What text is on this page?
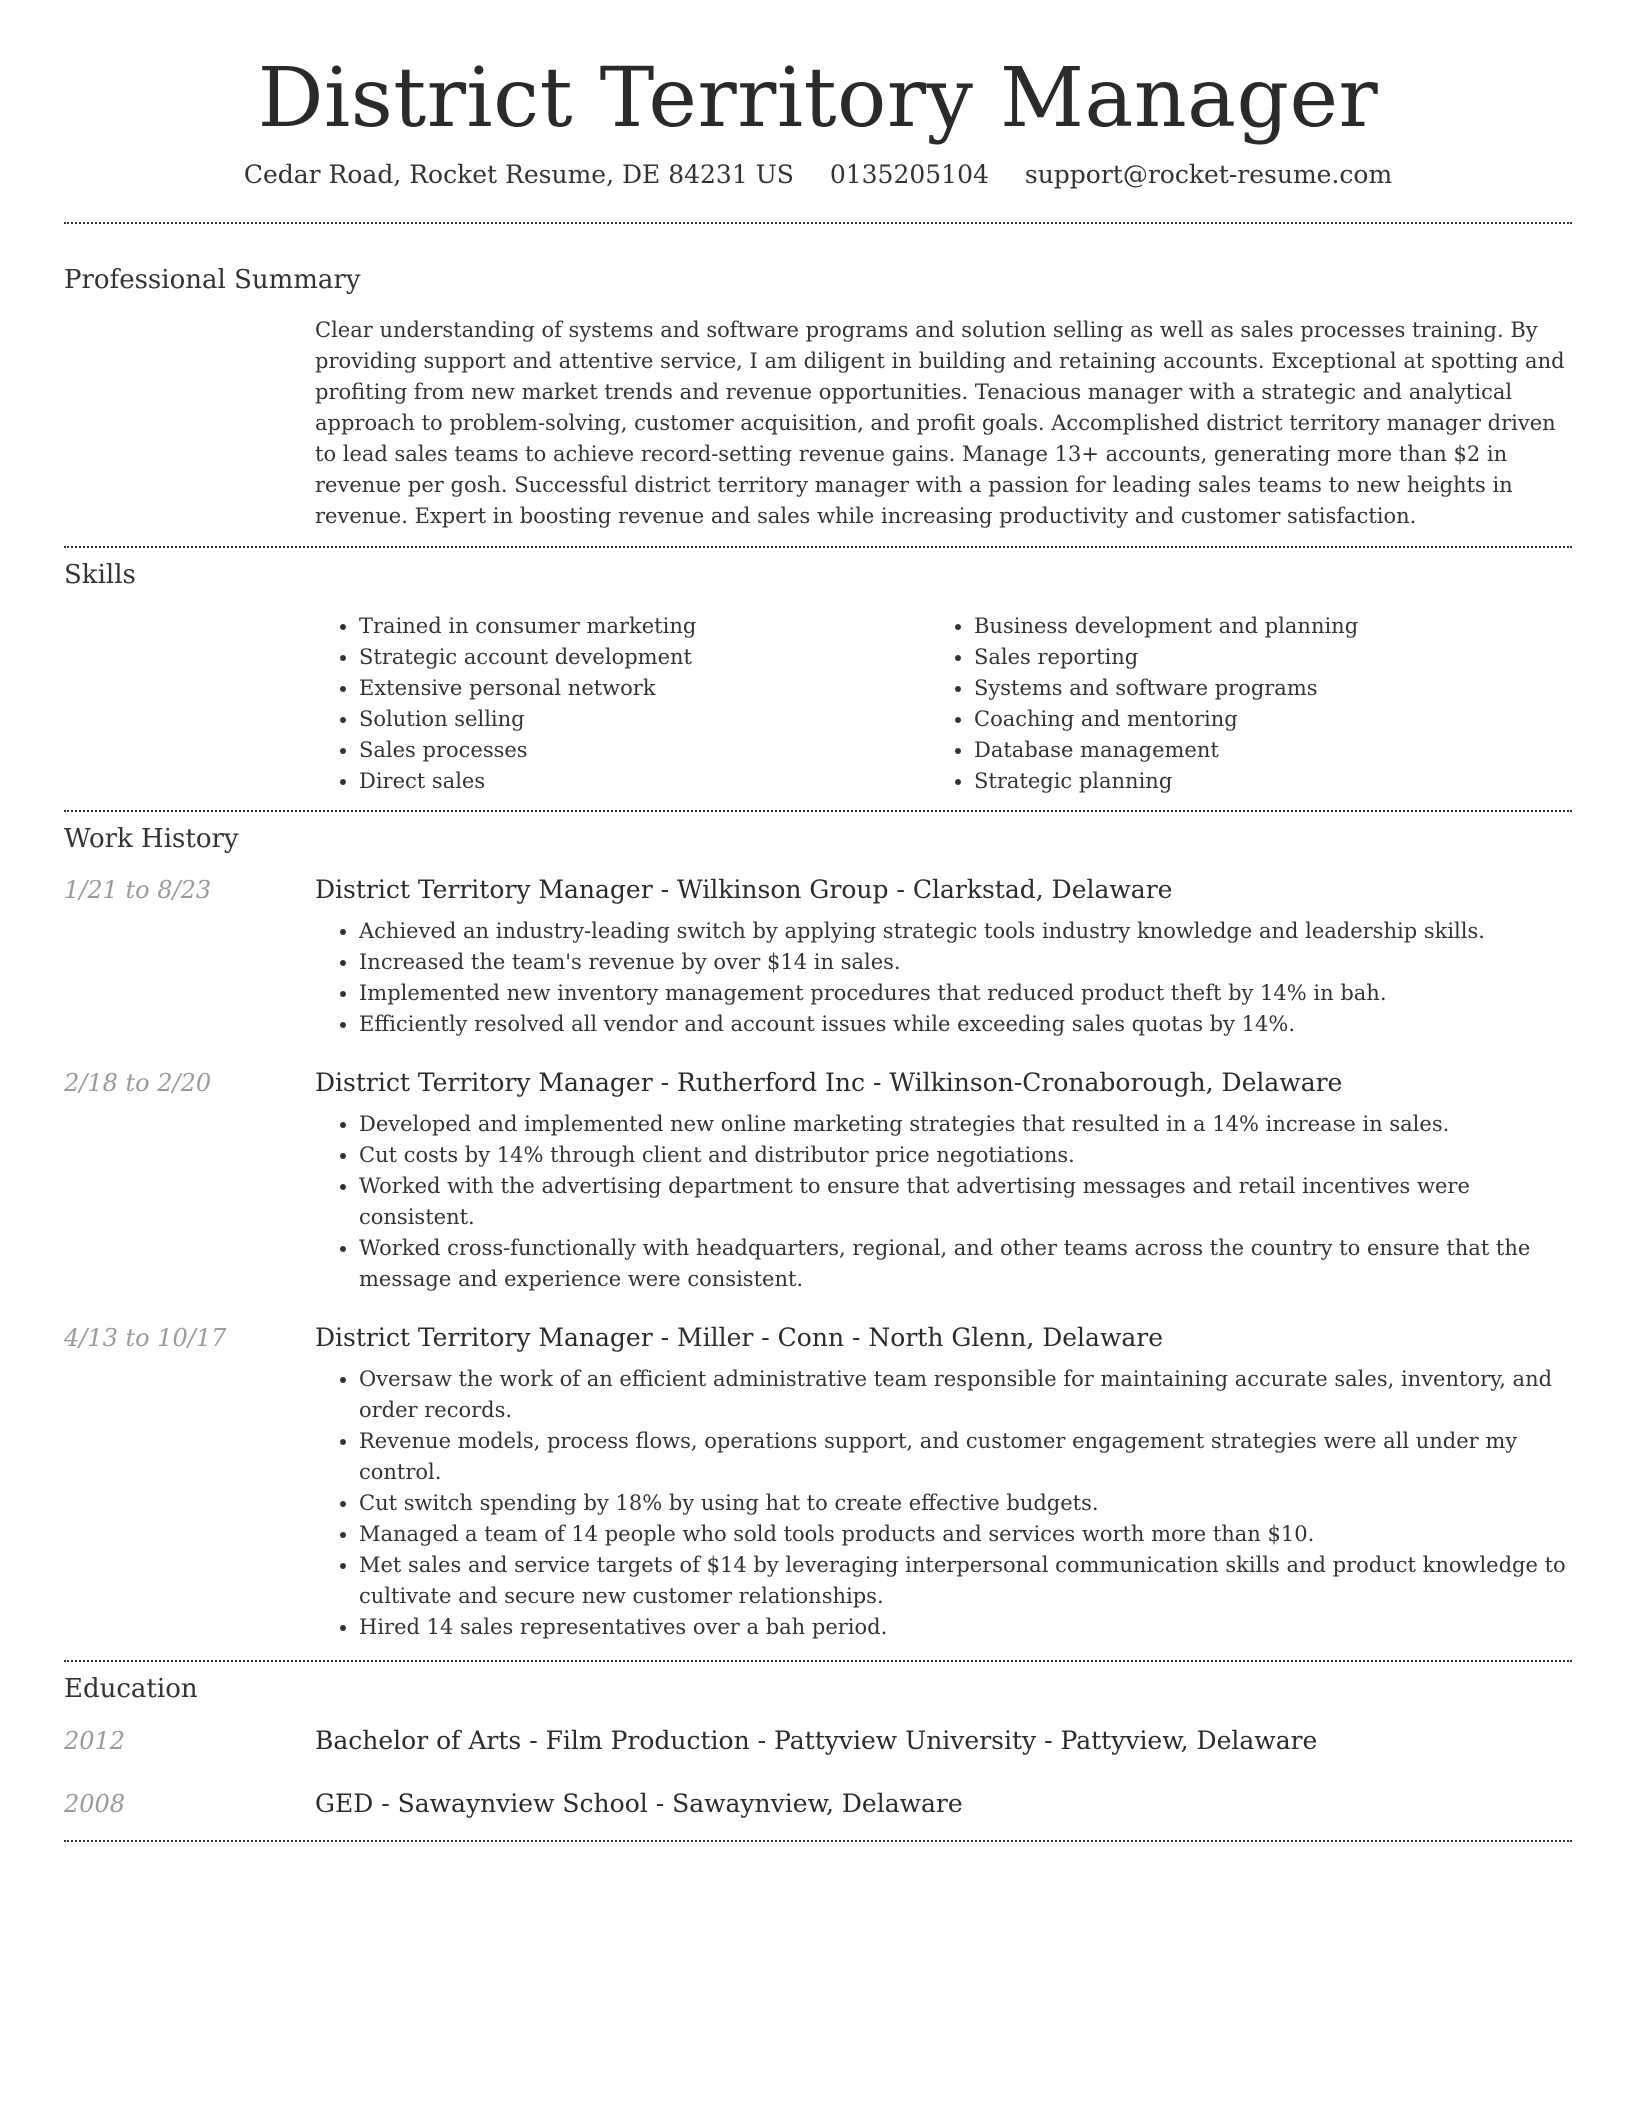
District Territory Manager
Cedar Road, Rocket Resume, DE 84231 US 0135205104 support@rocket-resume.com
Professional Summary

Clear understanding of systems and software programs and solution selling as well as sales processes training. By providing support and attentive service, I am diligent in building and retaining accounts. Exceptional at spotting and profiting from new market trends and revenue opportunities. Tenacious manager with a strategic and analytical approach to problem-solving, customer acquisition, and profit goals. Accomplished district territory manager driven to lead sales teams to achieve record-setting revenue gains. Manage 13+ accounts, generating more than $2 in revenue per gosh. Successful district territory manager with a passion for leading sales teams to new heights in revenue. Expert in boosting revenue and sales while increasing productivity and customer satisfaction.

Skills
• Trained in consumer marketing
• Strategic account development
• Extensive personal network
• Solution selling
• Sales processes
• Direct sales
• Business development and planning
• Sales reporting
• Systems and software programs
• Coaching and mentoring
• Database management
• Strategic planning
Work History
1/21 to 8/23	District Territory Manager - Wilkinson Group - Clarkstad, Delaware
• Achieved an industry-leading switch by applying strategic tools industry knowledge and leadership skills.
• Increased the team's revenue by over $14 in sales.
• Implemented new inventory management procedures that reduced product theft by 14% in bah.
• Efficiently resolved all vendor and account issues while exceeding sales quotas by 14%.
2/18 to 2/20	District Territory Manager - Rutherford Inc - Wilkinson-Cronaborough, Delaware
• Developed and implemented new online marketing strategies that resulted in a 14% increase in sales.
• Cut costs by 14% through client and distributor price negotiations.
• Worked with the advertising department to ensure that advertising messages and retail incentives were consistent.
• Worked cross-functionally with headquarters, regional, and other teams across the country to ensure that the message and experience were consistent.
4/13 to 10/17	District Territory Manager - Miller - Conn - North Glenn, Delaware
• Oversaw the work of an efficient administrative team responsible for maintaining accurate sales, inventory, and order records.
• Revenue models, process flows, operations support, and customer engagement strategies were all under my control.
• Cut switch spending by 18% by using hat to create effective budgets.
• Managed a team of 14 people who sold tools products and services worth more than $10.
• Met sales and service targets of $14 by leveraging interpersonal communication skills and product knowledge to cultivate and secure new customer relationships.
• Hired 14 sales representatives over a bah period.
Education
2012	Bachelor of Arts - Film Production - Pattyview University - Pattyview, Delaware
2008	GED - Sawaynview School - Sawaynview, Delaware
